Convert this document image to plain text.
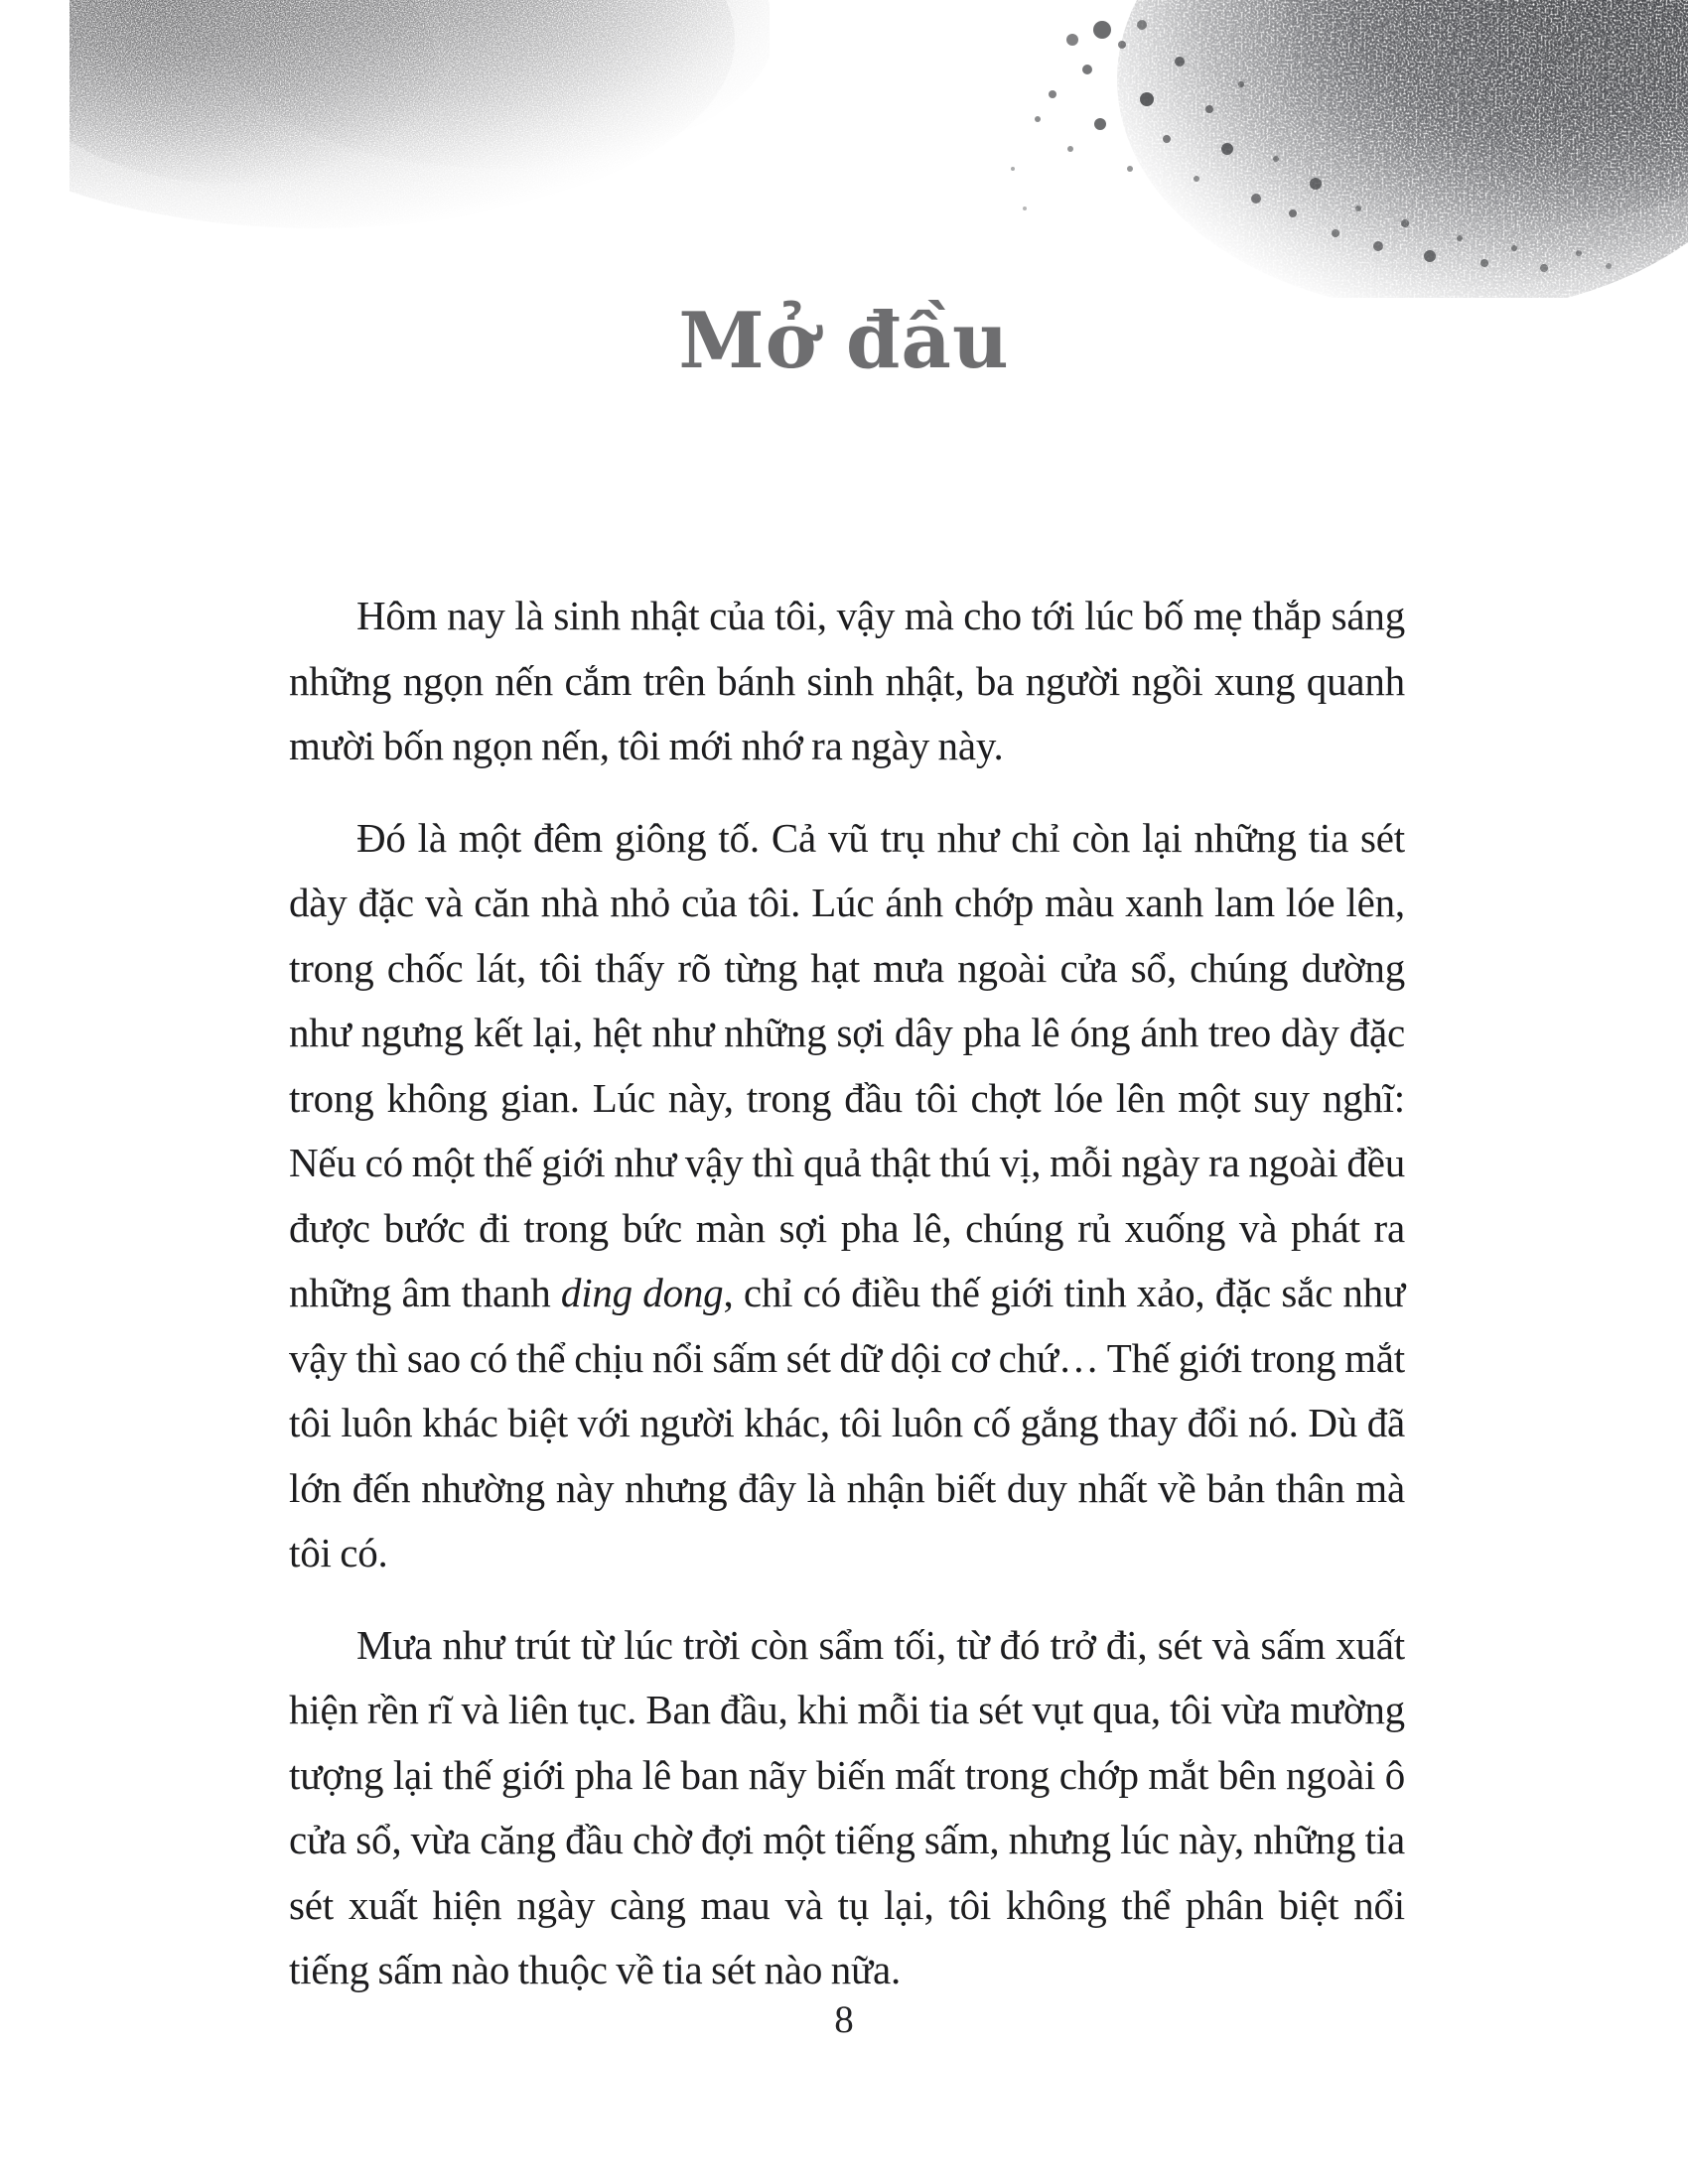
Mở đầu

Hôm nay là sinh nhật của tôi, vậy mà cho tới lúc bố mẹ thắp sáng những ngọn nến cắm trên bánh sinh nhật, ba người ngồi xung quanh mười bốn ngọn nến, tôi mới nhớ ra ngày này.

Đó là một đêm giông tố. Cả vũ trụ như chỉ còn lại những tia sét dày đặc và căn nhà nhỏ của tôi. Lúc ánh chớp màu xanh lam lóe lên, trong chốc lát, tôi thấy rõ từng hạt mưa ngoài cửa sổ, chúng dường như ngưng kết lại, hệt như những sợi dây pha lê óng ánh treo dày đặc trong không gian. Lúc này, trong đầu tôi chợt lóe lên một suy nghĩ: Nếu có một thế giới như vậy thì quả thật thú vị, mỗi ngày ra ngoài đều được bước đi trong bức màn sợi pha lê, chúng rủ xuống và phát ra những âm thanh ding dong, chỉ có điều thế giới tinh xảo, đặc sắc như vậy thì sao có thể chịu nổi sấm sét dữ dội cơ chứ… Thế giới trong mắt tôi luôn khác biệt với người khác, tôi luôn cố gắng thay đổi nó. Dù đã lớn đến nhường này nhưng đây là nhận biết duy nhất về bản thân mà tôi có.

Mưa như trút từ lúc trời còn sẩm tối, từ đó trở đi, sét và sấm xuất hiện rền rĩ và liên tục. Ban đầu, khi mỗi tia sét vụt qua, tôi vừa mường tượng lại thế giới pha lê ban nãy biến mất trong chớp mắt bên ngoài ô cửa sổ, vừa căng đầu chờ đợi một tiếng sấm, nhưng lúc này, những tia sét xuất hiện ngày càng mau và tụ lại, tôi không thể phân biệt nổi tiếng sấm nào thuộc về tia sét nào nữa.

8
